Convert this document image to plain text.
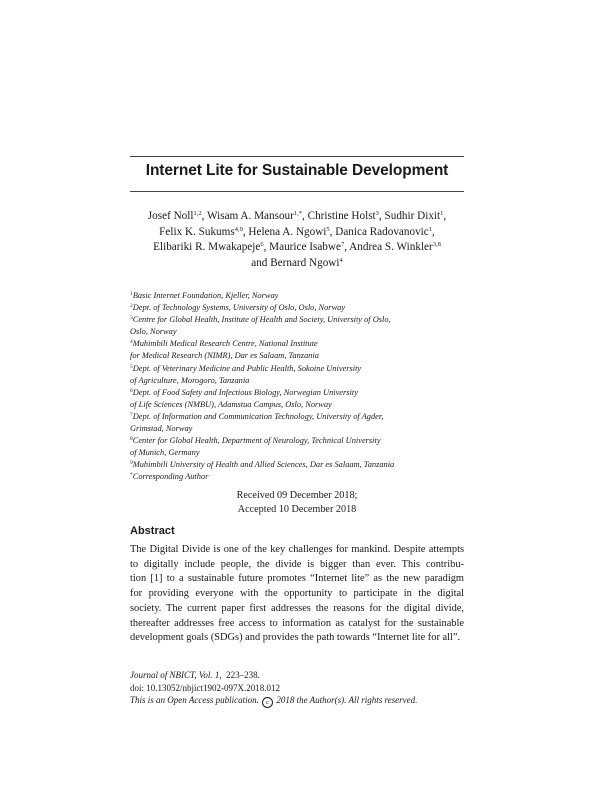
Internet Lite for Sustainable Development
Josef Noll$^{1,2}$, Wisam A. Mansour$^{1,*}$, Christine Holst$^3$, Sudhir Dixit$^1$,
Felix K. Sukums$^{4,9}$, Helena A. Ngowi$^5$, Danica Radovanovic$^1$,
Elibariki R. Mwakapeje$^6$, Maurice Isabwe$^7$, Andrea S. Winkler$^{3,8}$
and Bernard Ngowi$^4$
$^1$Basic Internet Foundation, Kjeller, Norway
$^2$Dept. of Technology Systems, University of Oslo, Oslo, Norway
$^3$Centre for Global Health, Institute of Health and Society, University of Oslo,
Oslo, Norway
$^4$Muhimbili Medical Research Centre, National Institute
for Medical Research (NIMR), Dar es Salaam, Tanzania
$^5$Dept. of Veterinary Medicine and Public Health, Sokoine University
of Agriculture, Morogoro, Tanzania
$^6$Dept. of Food Safety and Infectious Biology, Norwegian University
of Life Sciences (NMBU), Adamstua Campus, Oslo, Norway
$^7$Dept. of Information and Communication Technology, University of Agder,
Grimstad, Norway
$^8$Center for Global Health, Department of Neurology, Technical University
of Munich, Germany
$^9$Muhimbili University of Health and Allied Sciences, Dar es Salaam, Tanzania
*Corresponding Author
Received 09 December 2018;
Accepted 10 December 2018
Abstract
The Digital Divide is one of the key challenges for mankind. Despite attempts
to digitally include people, the divide is bigger than ever. This contribu-
tion [1] to a sustainable future promotes “Internet lite” as the new paradigm
for providing everyone with the opportunity to participate in the digital
society. The current paper first addresses the reasons for the digital divide,
thereafter addresses free access to information as catalyst for the sustainable
development goals (SDGs) and provides the path towards “Internet lite for all”.
Journal of NBICT, Vol. 1, 223–238.
doi: 10.13052/nbjict1902-097X.2018.012
This is an Open Access publication. c 2018 the Author(s). All rights reserved.
